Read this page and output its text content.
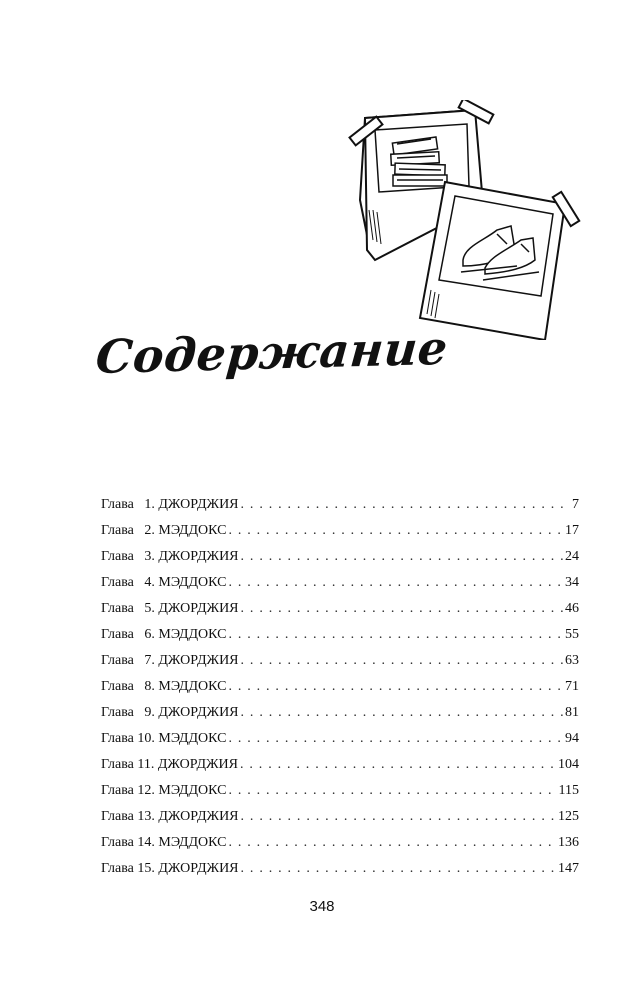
Содержание
Глава   1. ДЖОРДЖИЯ . . .	7
Глава   2. МЭДДОКС . . .	17
Глава   3. ДЖОРДЖИЯ . . .	24
Глава   4. МЭДДОКС . . .	34
Глава   5. ДЖОРДЖИЯ . . .	46
Глава   6. МЭДДОКС . . .	55
Глава   7. ДЖОРДЖИЯ . . .	63
Глава   8. МЭДДОКС . . .	71
Глава   9. ДЖОРДЖИЯ . . .	81
Глава 10. МЭДДОКС . . .	94
Глава 11. ДЖОРДЖИЯ . . .	104
Глава 12. МЭДДОКС . . .	115
Глава 13. ДЖОРДЖИЯ . . .	125
Глава 14. МЭДДОКС . . .	136
Глава 15. ДЖОРДЖИЯ . . .	147
348
